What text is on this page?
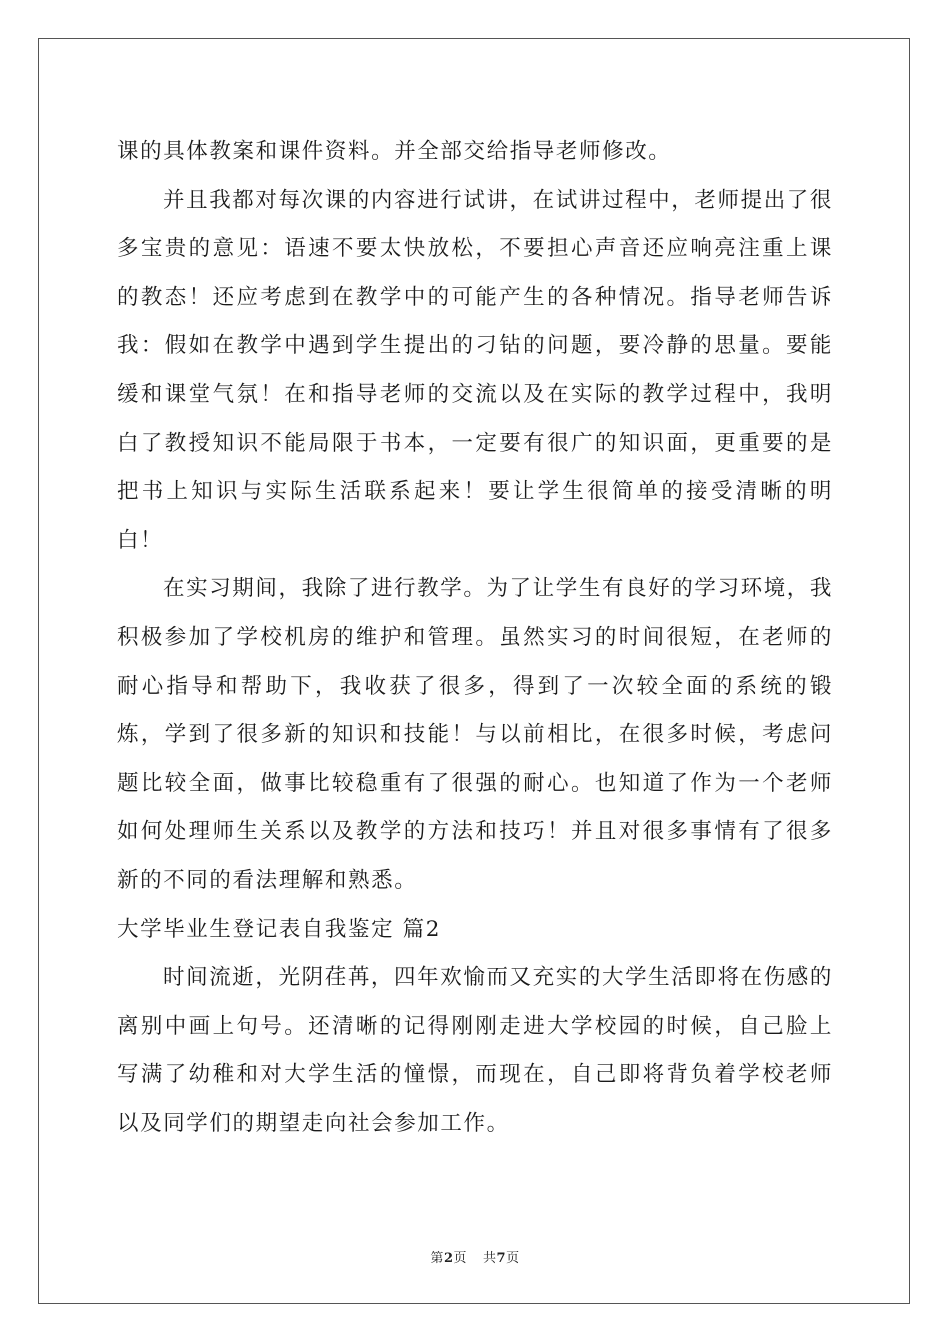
课的具体教案和课件资料。并全部交给指导老师修改。

并且我都对每次课的内容进行试讲，在试讲过程中，老师提出了很多宝贵的意见：语速不要太快放松，不要担心声音还应响亮注重上课的教态！还应考虑到在教学中的可能产生的各种情况。指导老师告诉我：假如在教学中遇到学生提出的刁钻的问题，要冷静的思量。要能缓和课堂气氛！在和指导老师的交流以及在实际的教学过程中，我明白了教授知识不能局限于书本，一定要有很广的知识面，更重要的是把书上知识与实际生活联系起来！要让学生很简单的接受清晰的明白！

在实习期间，我除了进行教学。为了让学生有良好的学习环境，我积极参加了学校机房的维护和管理。虽然实习的时间很短，在老师的耐心指导和帮助下，我收获了很多，得到了一次较全面的系统的锻炼，学到了很多新的知识和技能！与以前相比，在很多时候，考虑问题比较全面，做事比较稳重有了很强的耐心。也知道了作为一个老师如何处理师生关系以及教学的方法和技巧！并且对很多事情有了很多新的不同的看法理解和熟悉。

大学毕业生登记表自我鉴定 篇2

时间流逝，光阴荏苒，四年欢愉而又充实的大学生活即将在伤感的离别中画上句号。还清晰的记得刚刚走进大学校园的时候，自己脸上写满了幼稚和对大学生活的憧憬，而现在，自己即将背负着学校老师以及同学们的期望走向社会参加工作。

第2页 共7页
